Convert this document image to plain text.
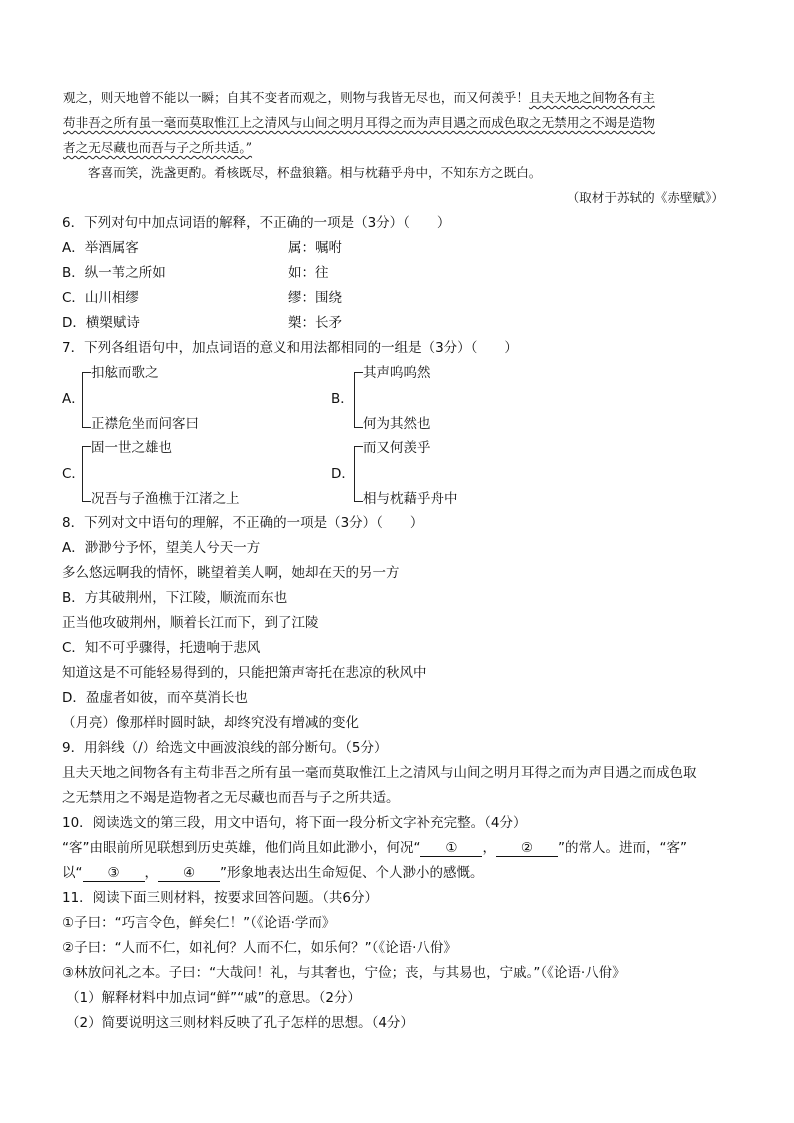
观之，则天地曾不能以一瞬；自其不变者而观之，则物与我皆无尽也，而又何羡乎！且夫天地之间物各有主
苟非吾之所有虽一毫而莫取惟江上之清风与山间之明月耳得之而为声目遇之而成色取之无禁用之不竭是造物
者之无尽藏也而吾与子之所共适。”
客喜而笑，洗盏更酌。肴核既尽，杯盘狼籍。相与枕藉乎舟中，不知东方之既白。
（取材于苏轼的《赤壁赋》）
6．下列对句中加点词语的解释，不正确的一项是（3分）（　　）
A．举酒属客	属：嘱咐
B．纵一苇之所如	如：往
C．山川相缪	缪：围绕
D．横槊赋诗	槊：长矛
7．下列各组语句中，加点词语的意义和用法都相同的一组是（3分）（　　）
A．
扣舷而歌之
正襟危坐而问客曰
B．
其声呜呜然
何为其然也
C．
固一世之雄也
况吾与子渔樵于江渚之上
D．
而又何羡乎
相与枕藉乎舟中
8．下列对文中语句的理解，不正确的一项是（3分）（　　）
A．渺渺兮予怀，望美人兮天一方
多么悠远啊我的情怀，眺望着美人啊，她却在天的另一方
B．方其破荆州，下江陵，顺流而东也
正当他攻破荆州，顺着长江而下，到了江陵
C．知不可乎骤得，托遗响于悲风
知道这是不可能轻易得到的，只能把箫声寄托在悲凉的秋风中
D．盈虚者如彼，而卒莫消长也
（月亮）像那样时圆时缺，却终究没有增减的变化
9．用斜线（/）给选文中画波浪线的部分断句。（5分）
且夫天地之间物各有主苟非吾之所有虽一毫而莫取惟江上之清风与山间之明月耳得之而为声目遇之而成色取
之无禁用之不竭是造物者之无尽藏也而吾与子之所共适。
10．阅读选文的第三段，用文中语句，将下面一段分析文字补充完整。（4分）
“客”由眼前所见联想到历史英雄，他们尚且如此渺小，何况“ ① ， ② ”的常人。进而，“客”
以“ ③ ， ④ ”形象地表达出生命短促、个人渺小的感慨。
11．阅读下面三则材料，按要求回答问题。（共6分）
①子曰：“巧言令色，鲜矣仁！”（《论语·学而》
②子曰：“人而不仁，如礼何？人而不仁，如乐何？”（《论语·八佾》
③林放问礼之本。子曰：“大哉问！礼，与其奢也，宁俭；丧，与其易也，宁戚。”（《论语·八佾》
（1）解释材料中加点词“鲜”“戚”的意思。（2分）
（2）简要说明这三则材料反映了孔子怎样的思想。（4分）
